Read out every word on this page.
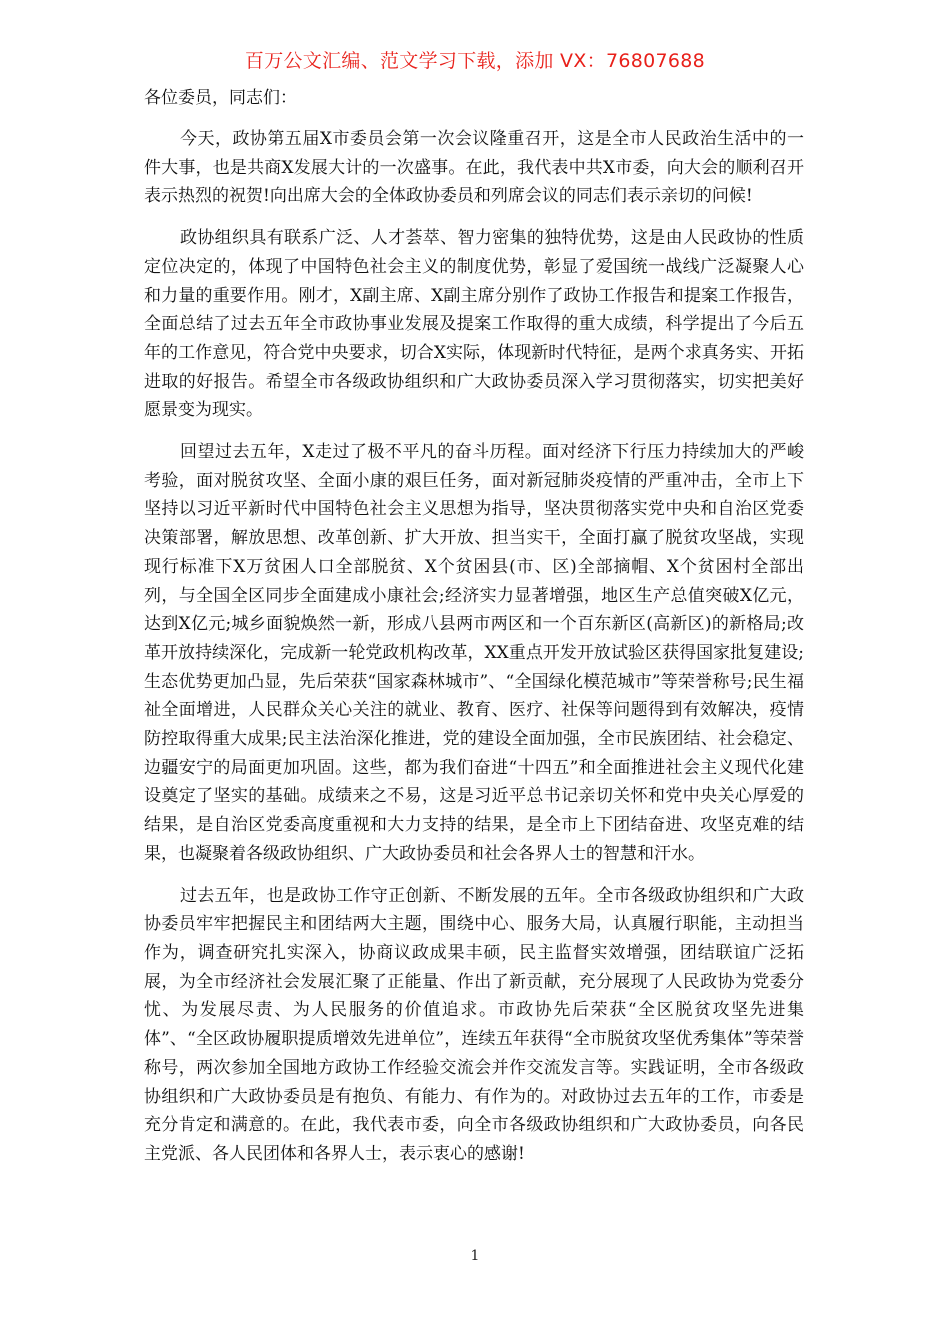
百万公文汇编、范文学习下载，添加 VX：76807688

各位委员，同志们：

今天，政协第五届X市委员会第一次会议隆重召开，这是全市人民政治生活中的一件大事，也是共商X发展大计的一次盛事。在此，我代表中共X市委，向大会的顺利召开表示热烈的祝贺!向出席大会的全体政协委员和列席会议的同志们表示亲切的问候!

政协组织具有联系广泛、人才荟萃、智力密集的独特优势，这是由人民政协的性质定位决定的，体现了中国特色社会主义的制度优势，彰显了爱国统一战线广泛凝聚人心和力量的重要作用。刚才，X副主席、X副主席分别作了政协工作报告和提案工作报告，全面总结了过去五年全市政协事业发展及提案工作取得的重大成绩，科学提出了今后五年的工作意见，符合党中央要求，切合X实际，体现新时代特征，是两个求真务实、开拓进取的好报告。希望全市各级政协组织和广大政协委员深入学习贯彻落实，切实把美好愿景变为现实。

回望过去五年，X走过了极不平凡的奋斗历程。面对经济下行压力持续加大的严峻考验，面对脱贫攻坚、全面小康的艰巨任务，面对新冠肺炎疫情的严重冲击，全市上下坚持以习近平新时代中国特色社会主义思想为指导，坚决贯彻落实党中央和自治区党委决策部署，解放思想、改革创新、扩大开放、担当实干，全面打赢了脱贫攻坚战，实现现行标准下X万贫困人口全部脱贫、X个贫困县(市、区)全部摘帽、X个贫困村全部出列，与全国全区同步全面建成小康社会;经济实力显著增强，地区生产总值突破X亿元，达到X亿元;城乡面貌焕然一新，形成八县两市两区和一个百东新区(高新区)的新格局;改革开放持续深化，完成新一轮党政机构改革，XX重点开发开放试验区获得国家批复建设;生态优势更加凸显，先后荣获“国家森林城市”、“全国绿化模范城市”等荣誉称号;民生福祉全面增进，人民群众关心关注的就业、教育、医疗、社保等问题得到有效解决，疫情防控取得重大成果;民主法治深化推进，党的建设全面加强，全市民族团结、社会稳定、边疆安宁的局面更加巩固。这些，都为我们奋进“十四五”和全面推进社会主义现代化建设奠定了坚实的基础。成绩来之不易，这是习近平总书记亲切关怀和党中央关心厚爱的结果，是自治区党委高度重视和大力支持的结果，是全市上下团结奋进、攻坚克难的结果，也凝聚着各级政协组织、广大政协委员和社会各界人士的智慧和汗水。

过去五年，也是政协工作守正创新、不断发展的五年。全市各级政协组织和广大政协委员牢牢把握民主和团结两大主题，围绕中心、服务大局，认真履行职能，主动担当作为，调查研究扎实深入，协商议政成果丰硕，民主监督实效增强，团结联谊广泛拓展，为全市经济社会发展汇聚了正能量、作出了新贡献，充分展现了人民政协为党委分忧、为发展尽责、为人民服务的价值追求。市政协先后荣获“全区脱贫攻坚先进集体”、“全区政协履职提质增效先进单位”，连续五年获得“全市脱贫攻坚优秀集体”等荣誉称号，两次参加全国地方政协工作经验交流会并作交流发言等。实践证明，全市各级政协组织和广大政协委员是有抱负、有能力、有作为的。对政协过去五年的工作，市委是充分肯定和满意的。在此，我代表市委，向全市各级政协组织和广大政协委员，向各民主党派、各人民团体和各界人士，表示衷心的感谢!

1
